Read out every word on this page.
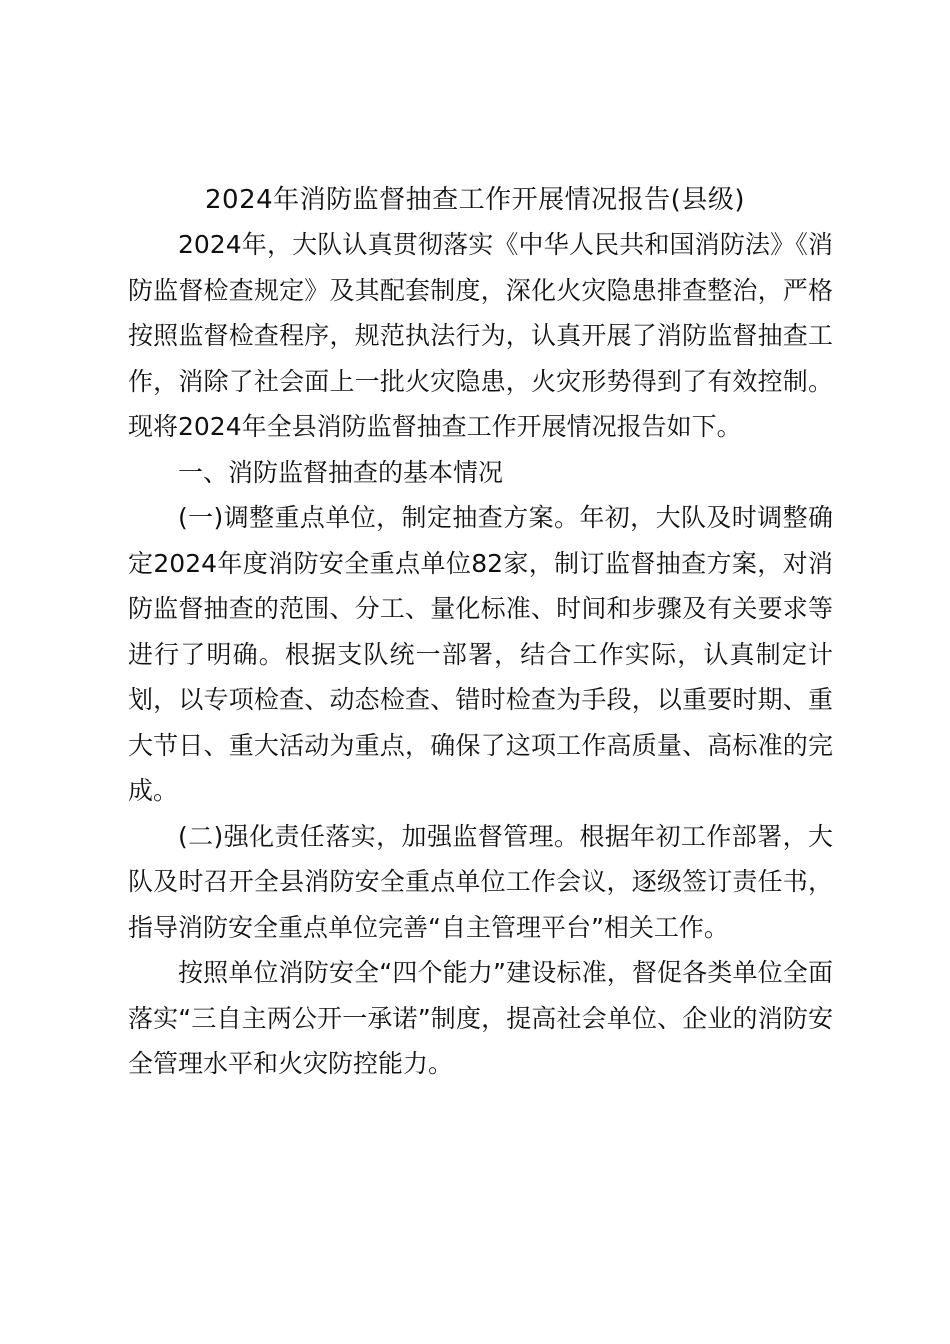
2024年消防监督抽查工作开展情况报告(县级)

2024年，大队认真贯彻落实《中华人民共和国消防法》《消防监督检查规定》及其配套制度，深化火灾隐患排查整治，严格按照监督检查程序，规范执法行为，认真开展了消防监督抽查工作，消除了社会面上一批火灾隐患，火灾形势得到了有效控制。现将2024年全县消防监督抽查工作开展情况报告如下。

一、消防监督抽查的基本情况

(一)调整重点单位，制定抽查方案。年初，大队及时调整确定2024年度消防安全重点单位82家，制订监督抽查方案，对消防监督抽查的范围、分工、量化标准、时间和步骤及有关要求等进行了明确。根据支队统一部署，结合工作实际，认真制定计划，以专项检查、动态检查、错时检查为手段，以重要时期、重大节日、重大活动为重点，确保了这项工作高质量、高标准的完成。

(二)强化责任落实，加强监督管理。根据年初工作部署，大队及时召开全县消防安全重点单位工作会议，逐级签订责任书，指导消防安全重点单位完善“自主管理平台”相关工作。

按照单位消防安全“四个能力”建设标准，督促各类单位全面落实“三自主两公开一承诺”制度，提高社会单位、企业的消防安全管理水平和火灾防控能力。
